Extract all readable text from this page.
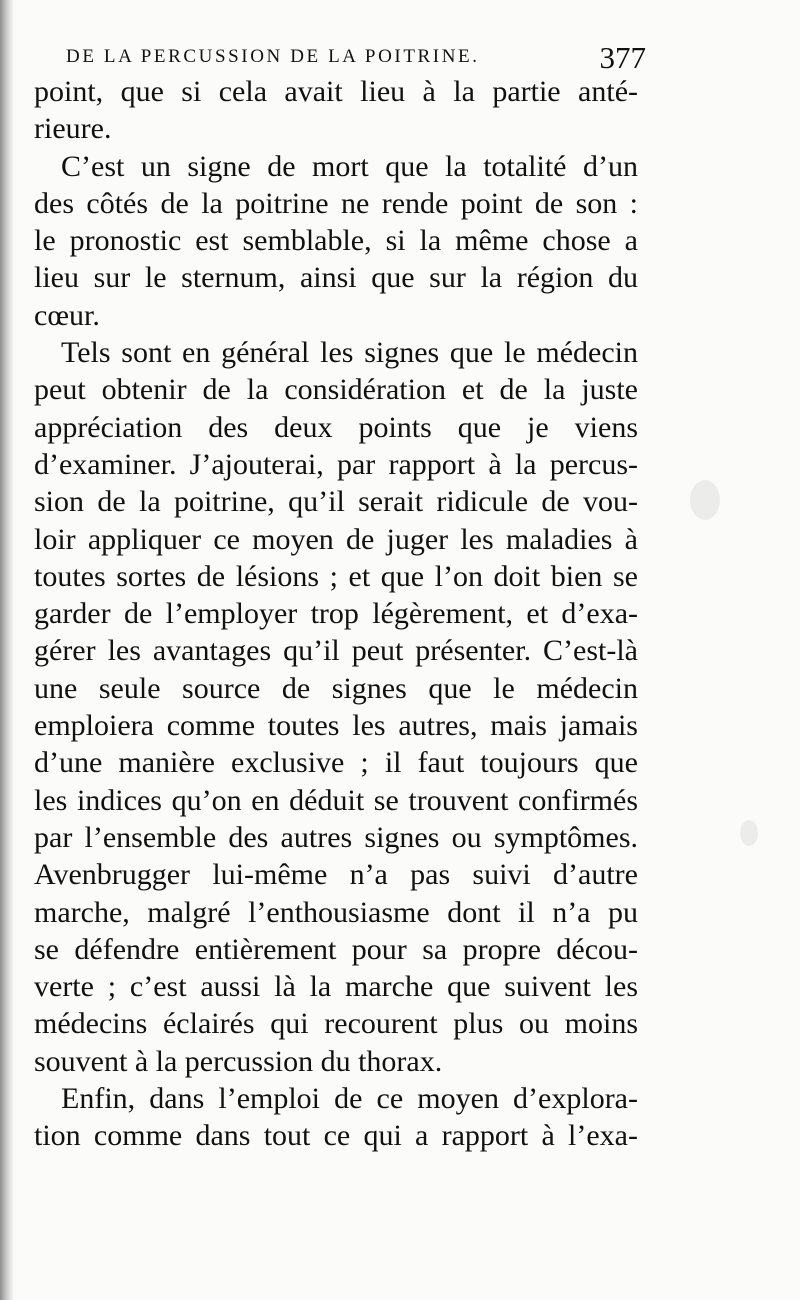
DE LA PERCUSSION DE LA POITRINE.	377
point, que si cela avait lieu à la partie anté-
rieure.
C’est un signe de mort que la totalité d’un
des côtés de la poitrine ne rende point de son :
le pronostic est semblable, si la même chose a
lieu sur le sternum, ainsi que sur la région du
cœur.
Tels sont en général les signes que le médecin
peut obtenir de la considération et de la juste
appréciation des deux points que je viens
d’examiner. J’ajouterai, par rapport à la percus-
sion de la poitrine, qu’il serait ridicule de vou-
loir appliquer ce moyen de juger les maladies à
toutes sortes de lésions ; et que l’on doit bien se
garder de l’employer trop légèrement, et d’exa-
gérer les avantages qu’il peut présenter. C’est-là
une seule source de signes que le médecin
emploiera comme toutes les autres, mais jamais
d’une manière exclusive ; il faut toujours que
les indices qu’on en déduit se trouvent confirmés
par l’ensemble des autres signes ou symptômes.
Avenbrugger lui-même n’a pas suivi d’autre
marche, malgré l’enthousiasme dont il n’a pu
se défendre entièrement pour sa propre décou-
verte ; c’est aussi là la marche que suivent les
médecins éclairés qui recourent plus ou moins
souvent à la percussion du thorax.
Enfin, dans l’emploi de ce moyen d’explora-
tion comme dans tout ce qui a rapport à l’exa-
